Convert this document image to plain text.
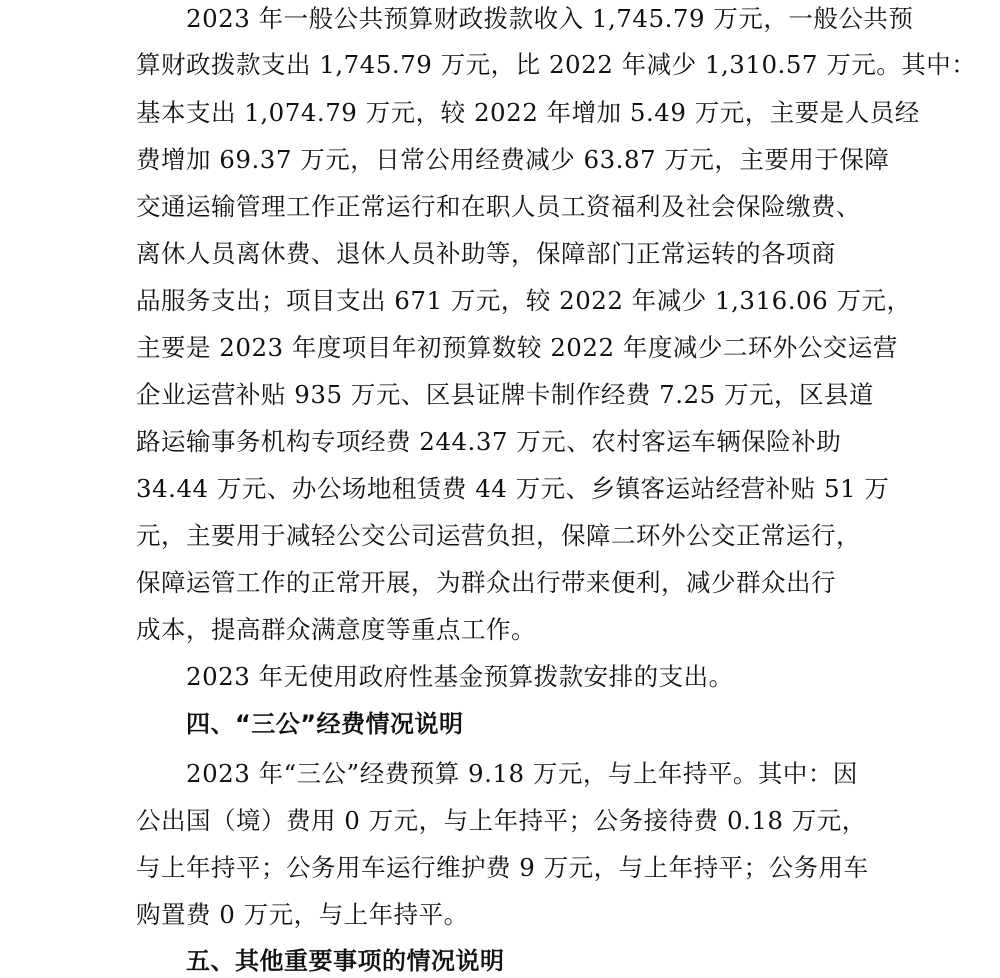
2023 年一般公共预算财政拨款收入 1,745.79 万元，一般公共预
算财政拨款支出 1,745.79 万元，比 2022 年减少 1,310.57 万元。其中：
基本支出 1,074.79 万元，较 2022 年增加 5.49 万元，主要是人员经
费增加 69.37 万元，日常公用经费减少 63.87 万元，主要用于保障
交通运输管理工作正常运行和在职人员工资福利及社会保险缴费、
离休人员离休费、退休人员补助等，保障部门正常运转的各项商
品服务支出；项目支出 671 万元，较 2022 年减少 1,316.06 万元，
主要是 2023 年度项目年初预算数较 2022 年度减少二环外公交运营
企业运营补贴 935 万元、区县证牌卡制作经费 7.25 万元，区县道
路运输事务机构专项经费 244.37 万元、农村客运车辆保险补助
34.44 万元、办公场地租赁费 44 万元、乡镇客运站经营补贴 51 万
元，主要用于减轻公交公司运营负担，保障二环外公交正常运行，
保障运管工作的正常开展，为群众出行带来便利，减少群众出行
成本，提高群众满意度等重点工作。
2023 年无使用政府性基金预算拨款安排的支出。
四、“三公”经费情况说明
2023 年“三公”经费预算 9.18 万元，与上年持平。其中：因
公出国（境）费用 0 万元，与上年持平；公务接待费 0.18 万元，
与上年持平；公务用车运行维护费 9 万元，与上年持平；公务用车
购置费 0 万元，与上年持平。
五、其他重要事项的情况说明
